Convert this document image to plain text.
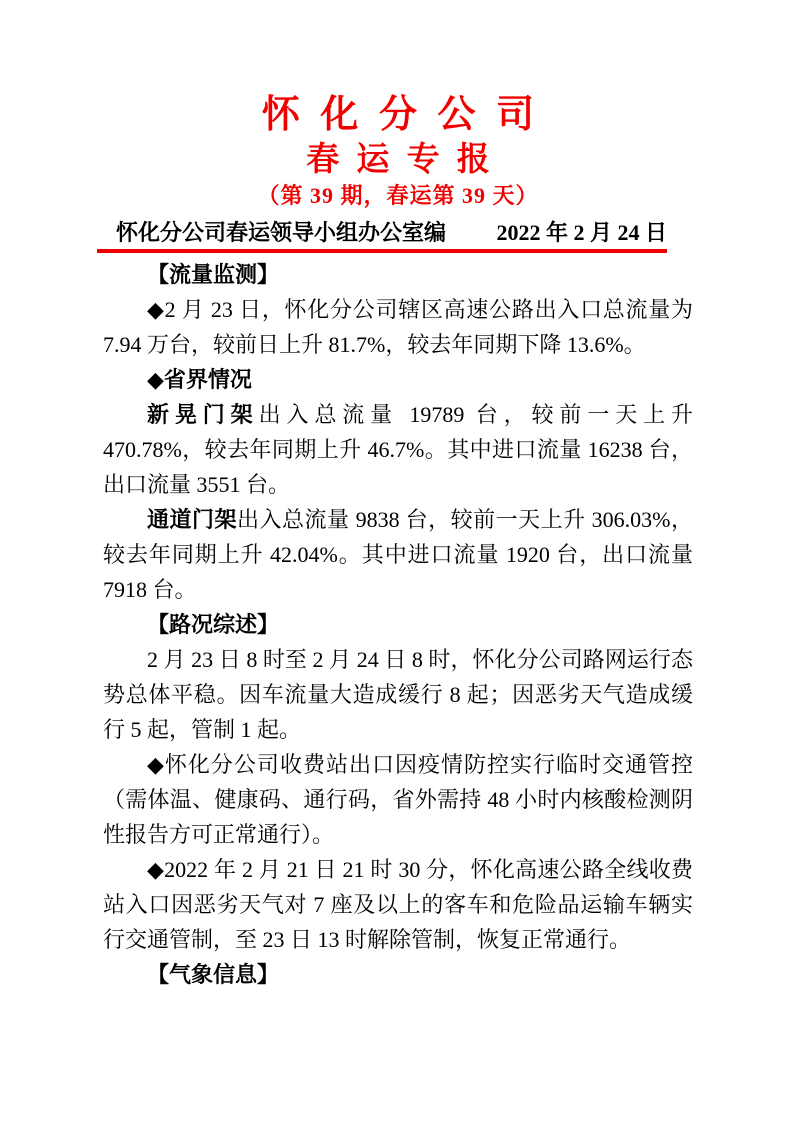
怀 化 分 公 司
春 运 专 报
（第 39 期，春运第 39 天）
怀化分公司春运领导小组办公室编 2022 年 2 月 24 日

【流量监测】

◆2 月 23 日，怀化分公司辖区高速公路出入口总流量为 7.94 万台，较前日上升 81.7%，较去年同期下降 13.6%。

◆省界情况

新晃门架出入总流量 19789 台，较前一天上升 470.78%，较去年同期上升 46.7%。其中进口流量 16238 台，出口流量 3551 台。

通道门架出入总流量 9838 台，较前一天上升 306.03%，较去年同期上升 42.04%。其中进口流量 1920 台，出口流量 7918 台。

【路况综述】

2 月 23 日 8 时至 2 月 24 日 8 时，怀化分公司路网运行态势总体平稳。因车流量大造成缓行 8 起；因恶劣天气造成缓行 5 起，管制 1 起。

◆怀化分公司收费站出口因疫情防控实行临时交通管控（需体温、健康码、通行码，省外需持 48 小时内核酸检测阴性报告方可正常通行）。

◆2022 年 2 月 21 日 21 时 30 分，怀化高速公路全线收费站入口因恶劣天气对 7 座及以上的客车和危险品运输车辆实行交通管制，至 23 日 13 时解除管制，恢复正常通行。

【气象信息】
